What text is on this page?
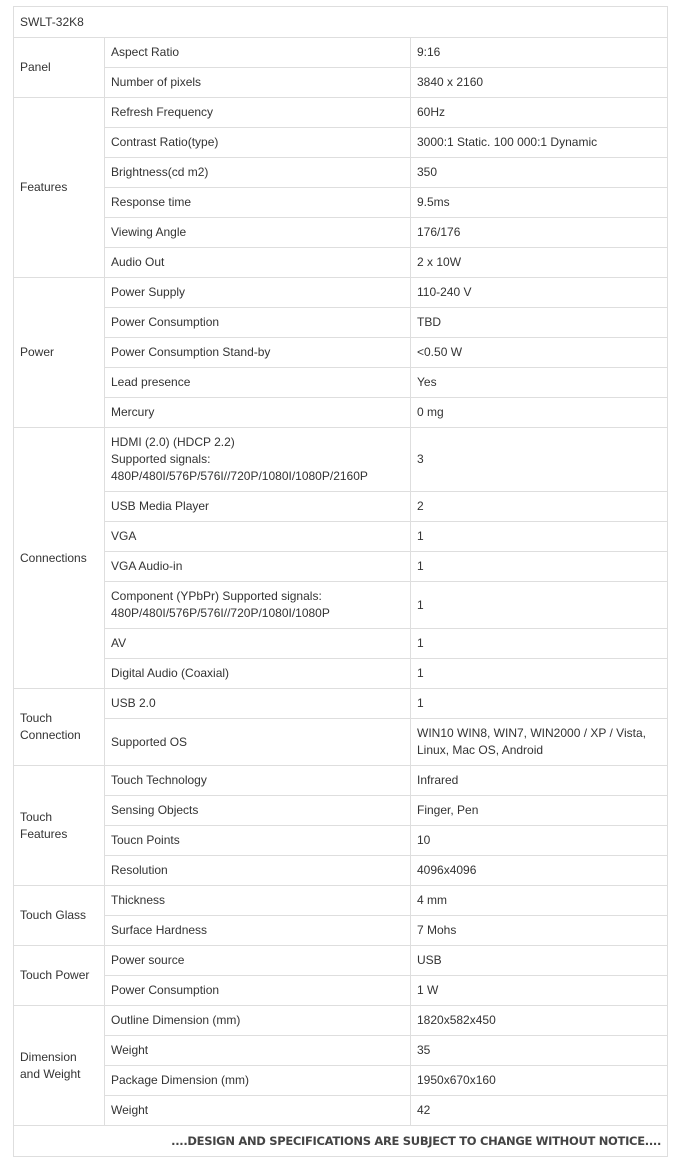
SWLT-32K8		

Panel	Aspect Ratio	9:16

	Number of pixels	3840 x 2160

Features	Refresh Frequency	60Hz

	Contrast Ratio(type)	3000:1 Static. 100 000:1 Dynamic

	Brightness(cd m2)	350

	Response time	9.5ms

	Viewing Angle	176/176

	Audio Out	2 x 10W

Power	Power Supply	110-240 V

	Power Consumption	TBD

	Power Consumption Stand-by	<0.50 W

	Lead presence	Yes

	Mercury	0 mg

Connections	HDMI (2.0) (HDCP 2.2)
Supported signals:
480P/480I/576P/576I//720P/1080I/1080P/2160P	3

	USB Media Player	2

	VGA	1

	VGA Audio-in	1

	Component (YPbPr) Supported signals:
480P/480I/576P/576I//720P/1080I/1080P	1

	AV	1

	Digital Audio (Coaxial)	1

Touch
Connection	USB 2.0	1

	Supported OS	WIN10 WIN8, WIN7, WIN2000 / XP / Vista,
Linux, Mac OS, Android

Touch
Features	Touch Technology	Infrared

	Sensing Objects	Finger, Pen

	Toucn Points	10

	Resolution	4096x4096

Touch Glass	Thickness	4 mm

	Surface Hardness	7 Mohs

Touch Power	Power source	USB

	Power Consumption	1 W

Dimension
and Weight	Outline Dimension (mm)	1820x582x450

	Weight	35

	Package Dimension (mm)	1950x670x160

	Weight	42

....DESIGN AND SPECIFICATIONS ARE SUBJECT TO CHANGE WITHOUT NOTICE....		
